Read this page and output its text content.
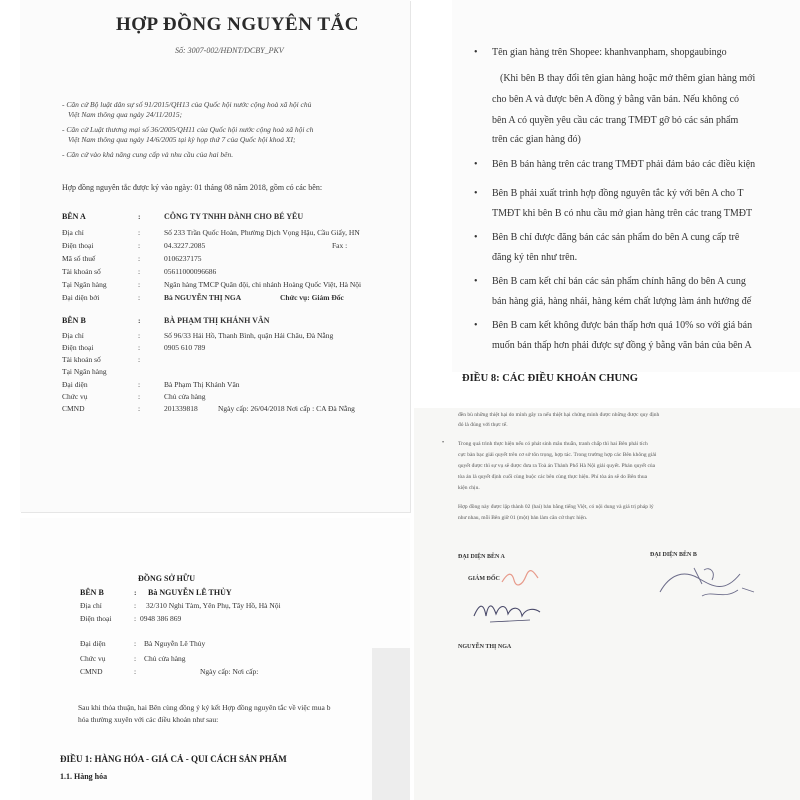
HỢP ĐỒNG NGUYÊN TẮC
Số: 3007-002/HĐNT/DCBY_PKV
- Căn cứ Bộ luật dân sự số 91/2015/QH13 của Quốc hội nước cộng hoà xã hội chủ
Việt Nam thông qua ngày 24/11/2015;
- Căn cứ Luật thương mại số 36/2005/QH11 của Quốc hội nước cộng hoà xã hội ch
Việt Nam thông qua ngày 14/6/2005 tại kỳ họp thứ 7 của Quốc hội khoá XI;
- Căn cứ vào khả năng cung cấp và nhu cầu của hai bên.
Hợp đồng nguyên tắc được ký vào ngày: 01 tháng 08 năm 2018, gồm có các bên:
BÊN A	:	CÔNG TY TNHH DÀNH CHO BÉ YÊU
Địa chỉ	:	Số 233 Trần Quốc Hoàn, Phường Dịch Vọng Hậu, Cầu Giấy, HN
Điện thoại	:	04.3227.2085	Fax :
Mã số thuế	:	0106237175
Tài khoản số	:	05611000096686
Tại Ngân hàng	:	Ngân hàng TMCP Quân đội, chi nhánh Hoàng Quốc Việt, Hà Nội
Đại diện bởi	:	Bà NGUYỄN THỊ NGA	Chức vụ: Giám Đốc
BÊN B	:	BÀ PHẠM THỊ KHÁNH VÂN
Địa chỉ	:	Số 96/33 Hải Hồ, Thanh Bình, quận Hải Châu, Đà Nẵng
Điện thoại	:	0905 610 789
Tài khoản số	:
Tại Ngân hàng
Đại diện	:	Bà Phạm Thị Khánh Vân
Chức vụ	:	Chủ cửa hàng
CMND	:	201339818	Ngày cấp: 26/04/2018 Nơi cấp : CA Đà Nẵng
• Tên gian hàng trên Shopee: khanhvanpham, shopgaubingo
(Khi bên B thay đổi tên gian hàng hoặc mở thêm gian hàng mới
cho bên A và được bên A đồng ý bằng văn bản. Nếu không có
bên A có quyền yêu cầu các trang TMĐT gỡ bỏ các sản phẩm
trên các gian hàng đó)
• Bên B bán hàng trên các trang TMĐT phải đảm bảo các điều kiện
• Bên B phải xuất trình hợp đồng nguyên tắc ký với bên A cho T
TMĐT khi bên B có nhu cầu mở gian hàng trên các trang TMĐT
• Bên B chỉ được đăng bán các sản phẩm do bên A cung cấp trê
đăng ký tên như trên.
• Bên B cam kết chỉ bán các sản phẩm chính hãng do bên A cung
bán hàng giả, hàng nhái, hàng kém chất lượng làm ảnh hưởng đế
• Bên B cam kết không được bán thấp hơn quá 10% so với giá bán
muốn bán thấp hơn phải được sự đồng ý bằng văn bản của bên A
ĐIỀU 8: CÁC ĐIỀU KHOẢN CHUNG
đền bù những thiệt hại do mình gây ra nếu thiệt hại chứng minh được những được quy định
đó là đúng với thực tế.
•	Trong quá trình thực hiện nếu có phát sinh mâu thuẫn, tranh chấp thì hai Bên phải tích
cực bàn bạc giải quyết trên cơ sở tôn trọng, hợp tác. Trong trường hợp các Bên không giải
quyết được thì sự vụ sẽ được đưa ra Toà án Thành Phố Hà Nội giải quyết. Phán quyết của
tòa án là quyết định cuối cùng buộc các bên cùng thực hiện. Phí tòa án sẽ do Bên thua
kiện chịu.
Hợp đồng này được lập thành 02 (hai) bản bằng tiếng Việt, có nội dung và giá trị pháp lý
như nhau, mỗi Bên giữ 01 (một) bản làm căn cứ thực hiện.
ĐẠI DIỆN BÊN A	ĐẠI DIỆN BÊN B
GIÁM ĐỐC
NGUYỄN THỊ NGA
ĐỒNG SỞ HỮU
BÊN B	: Bà NGUYỄN LÊ THỦY
Địa chỉ	: 32/310 Nghi Tàm, Yên Phụ, Tây Hồ, Hà Nội
Điện thoại	: 0948 386 869
Đại diện	: Bà Nguyễn Lê Thủy
Chức vụ	: Chủ cửa hàng
CMND	:	Ngày cấp: Nơi cấp:
Sau khi thỏa thuận, hai Bên cùng đồng ý ký kết Hợp đồng nguyên tắc về việc mua b
hóa thường xuyên với các điều khoản như sau:
ĐIỀU 1: HÀNG HÓA - GIÁ CẢ - QUI CÁCH SẢN PHẨM
1.1. Hàng hóa
